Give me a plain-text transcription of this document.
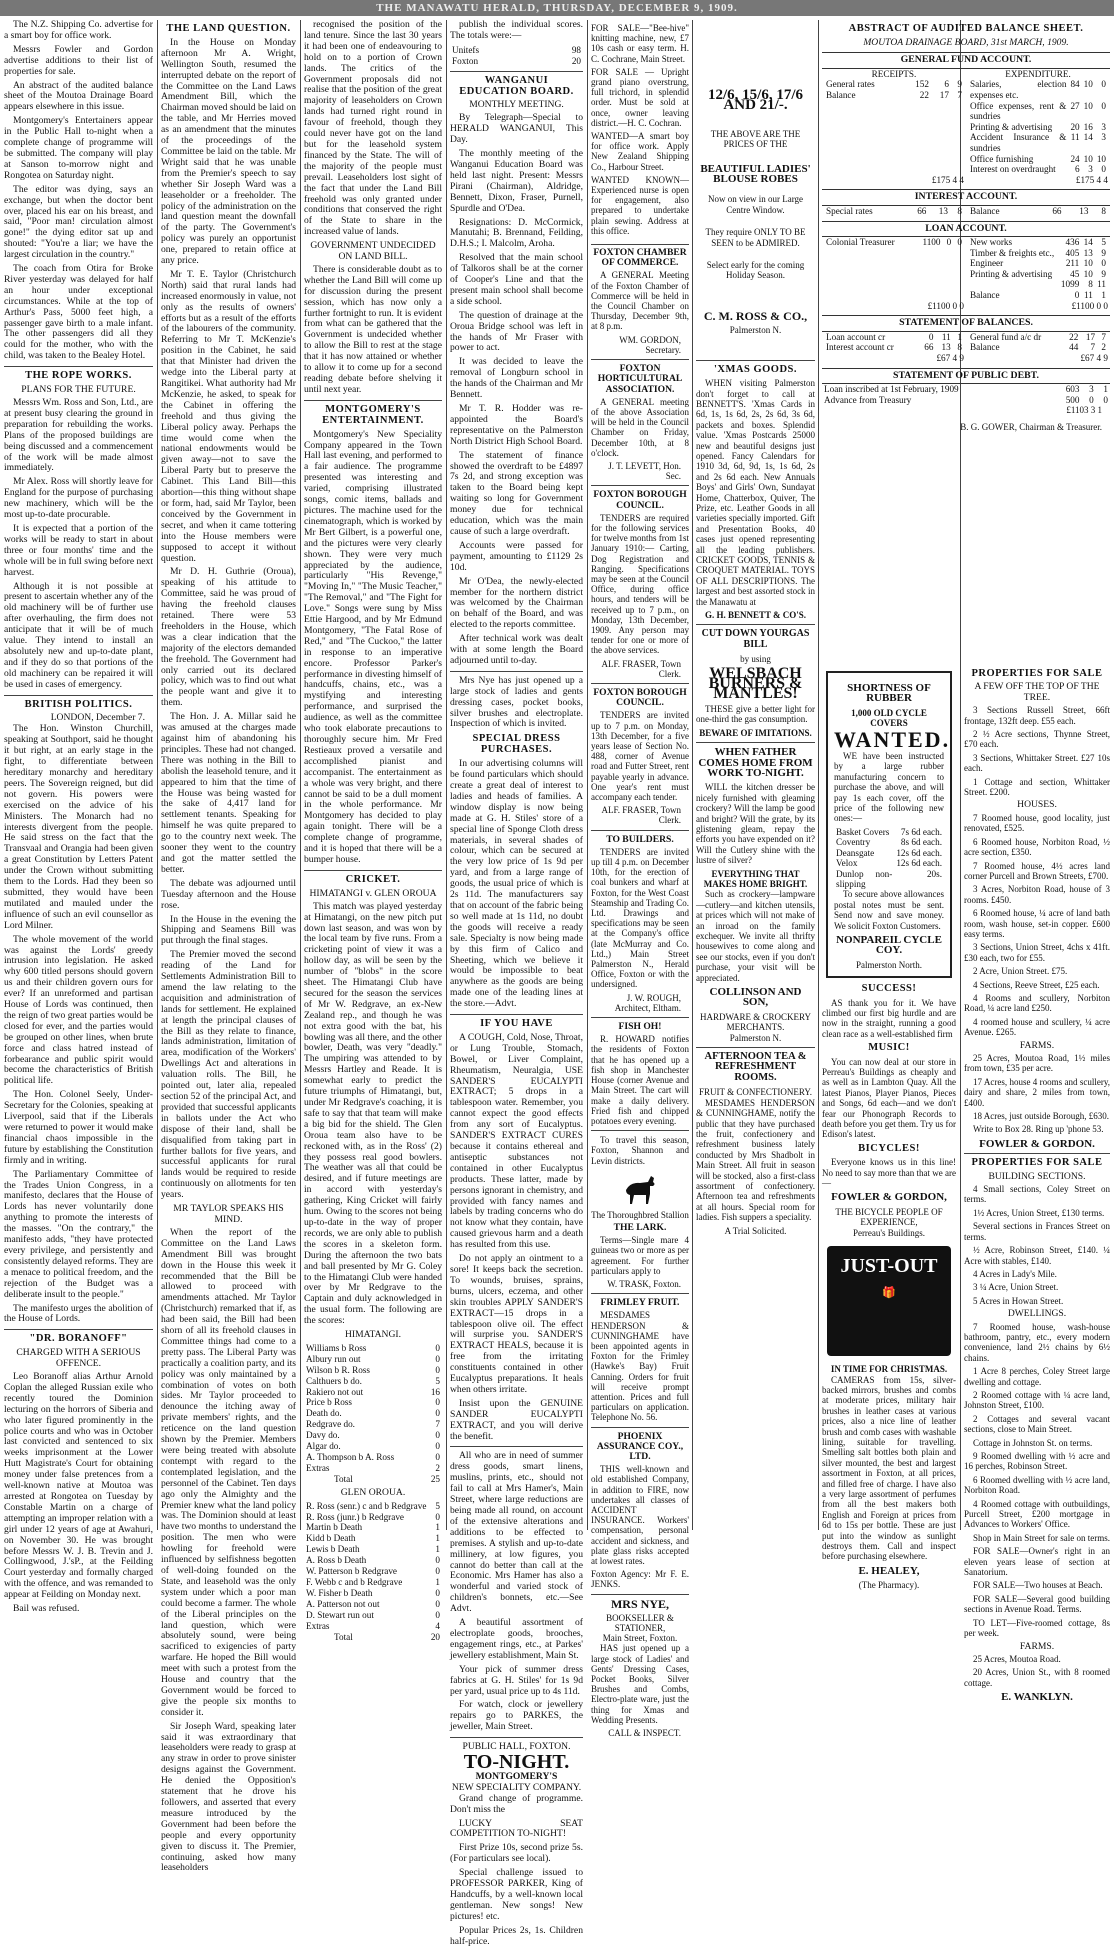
THE MANAWATU HERALD, THURSDAY, DECEMBER 9, 1909.

The N.Z. Shipping Co. advertise for a smart boy for office work.

Messrs Fowler and Gordon advertise additions to their list of properties for sale.

An abstract of the audited balance sheet of the Moutoa Drainage Board appears elsewhere in this issue.

Montgomery's Entertainers appear in the Public Hall to-night when a complete change of programme will be submitted. The company will play at Sanson to-morrow night and Rongotea on Saturday night.

The editor was dying, says an exchange, but when the doctor bent over, placed his ear on his breast, and said, "Poor man! circulation almost gone!" the dying editor sat up and shouted: "You're a liar; we have the largest circulation in the country."

The coach from Otira for Broke River yesterday was delayed for half an hour under exceptional circumstances. While at the top of Arthur's Pass, 5000 feet high, a passenger gave birth to a male infant. The other passengers did all they could for the mother, who with the child, was taken to the Bealey Hotel.

THE ROPE WORKS.
PLANS FOR THE FUTURE.

Messrs Wm. Ross and Son, Ltd., are at present busy clearing the ground in preparation for rebuilding the works. Plans of the proposed buildings are being discussed and a commencement of the work will be made almost immediately.

Mr Alex. Ross will shortly leave for England for the purpose of purchasing new machinery, which will be the most up-to-date procurable.

It is expected that a portion of the works will be ready to start in about three or four months' time and the whole will be in full swing before next harvest.

Although it is not possible at present to ascertain whether any of the old machinery will be of further use after overhauling, the firm does not anticipate that it will be of much value. They intend to install an absolutely new and up-to-date plant, and if they do so that portions of the old machinery can be repaired it will be used in cases of emergency.

BRITISH POLITICS.
LONDON, December 7.

The Hon. Winston Churchill, speaking at Southport, said he thought it but right, at an early stage in the fight, to differentiate between hereditary monarchy and hereditary peers. The Sovereign reigned, but did not govern. His powers were exercised on the advice of his Ministers. The Monarch had no interests divergent from the people. He said stress on the fact that the Transvaal and Orangia had been given a great Constitution by Letters Patent under the Crown without submitting them to the Lords. Had they been so submitted, they would have been mutilated and mauled under the influence of such an evil counsellor as Lord Milner.

The whole movement of the world was against the Lords' greedy intrusion into legislation. He asked why 600 titled persons should govern us and their children govern ours for ever? If an unreformed and partisan House of Lords was continued, then the reign of two great parties would be closed for ever, and the parties would be grouped on other lines, when brute force and class hatred instead of forbearance and public spirit would become the characteristics of British political life.

The Hon. Colonel Seely, Under-Secretary for the Colonies, speaking at Liverpool, said that if the Liberals were returned to power it would make financial chaos impossible in the future by establishing the Constitution firmly and in writing.

The Parliamentary Committee of the Trades Union Congress, in a manifesto, declares that the House of Lords has never voluntarily done anything to promote the interests of the masses. "On the contrary," the manifesto adds, "they have protected every privilege, and persistently and consistently delayed reforms. They are a menace to political freedom, and the rejection of the Budget was a deliberate insult to the people."

The manifesto urges the abolition of the House of Lords.

"DR. BORANOFF"
CHARGED WITH A SERIOUS OFFENCE.

Leo Boranoff alias Arthur Arnold Coplan the alleged Russian exile who recently toured the Dominion lecturing on the horrors of Siberia and who later figured prominently in the police courts and who was in October last convicted and sentenced to six weeks imprisonment at the Lower Hutt Magistrate's Court for obtaining money under false pretences from a well-known native at Moutoa was arrested at Rongotea on Tuesday by Constable Martin on a charge of attempting an improper relation with a girl under 12 years of age at Awahuri, on November 30. He was brought before Messrs W. J. B. Trevin and J. Collingwood, J.'sP., at the Feilding Court yesterday and formally charged with the offence, and was remanded to appear at Feilding on Monday next.

Bail was refused.

THE LAND QUESTION.

In the House on Monday afternoon Mr A. Wright, Wellington South, resumed the interrupted debate on the report of the Committee on the Land Laws Amendment Bill, which the Chairman moved should be laid on the table, and Mr Herries moved as an amendment that the minutes of the proceedings of the Committee be laid on the table. Mr Wright said that he was unable from the Premier's speech to say whether Sir Joseph Ward was a leaseholder or a freeholder. The policy of the administration on the land question meant the downfall of the party. The Government's policy was purely an opportunist one, prepared to retain office at any price.

Mr T. E. Taylor (Christchurch North) said that rural lands had increased enormously in value, not only as the results of owners' efforts but as a result of the efforts of the labourers of the community. Referring to Mr T. McKenzie's position in the Cabinet, he said that that Minister had driven the wedge into the Liberal party at Rangitikei. What authority had Mr McKenzie, he asked, to speak for the Cabinet in offering the freehold and thus giving the Liberal policy away. Perhaps the time would come when the national endowments would be given away—not to save the Liberal Party but to preserve the Cabinet. This Land Bill—this abortion—this thing without shape or form, had, said Mr Taylor, been conceived by the Government in secret, and when it came tottering into the House members were supposed to accept it without question.

Mr D. H. Guthrie (Oroua), speaking of his attitude to Committee, said he was proud of having the freehold clauses retained. There were 53 freeholders in the House, which was a clear indication that the majority of the electors demanded the freehold. The Government had only carried out its declared policy, which was to find out what the people want and give it to them.

The Hon. J. A. Millar said he was amused at the charges made against him of abandoning his principles. These had not changed. There was nothing in the Bill to abolish the leasehold tenure, and it appeared to him that the time of the House was being wasted for the sake of 4,417 land for settlement tenants. Speaking for himself he was quite prepared to go to the country next week. The sooner they went to the country and got the matter settled the better.

The debate was adjourned until Tuesday afternoon and the House rose.

In the House in the evening the Shipping and Seamens Bill was put through the final stages.

The Premier moved the second reading of the Land for Settlements Administration Bill to amend the law relating to the acquisition and administration of lands for settlement. He explained at length the principal clauses of the Bill as they relate to finance, lands administration, limitation of area, modification of the Workers' Dwellings Act and alterations in valuation rolls. The Bill, he pointed out, later alia, repealed section 52 of the principal Act, and provided that successful applicants in ballots under the Act who dispose of their land, shall be disqualified from taking part in further ballots for five years, and successful applicants for rural lands would be required to reside continuously on allotments for ten years.

MR TAYLOR SPEAKS HIS MIND.

When the report of the Committee on the Land Laws Amendment Bill was brought down in the House this week it recommended that the Bill be allowed to proceed with amendments attached. Mr Taylor (Christchurch) remarked that if, as had been said, the Bill had been shorn of all its freehold clauses in Committee things had come to a pretty pass. The Liberal Party was practically a coalition party, and its policy was only maintained by a combination of votes on both sides. Mr Taylor proceeded to denounce the itching away of private members' rights, and the reticence on the land question shown by the Premier. Members were being treated with absolute contempt with regard to the contemplated legislation, and the personnel of the Cabinet. Ten days ago only the Almighty and the Premier knew what the land policy was. The Dominion should at least have two months to understand the position. The men who were howling for freehold were influenced by selfishness begotten of well-doing founded on the State, and leasehold was the only system under which a poor man could become a farmer. The whole of the Liberal principles on the land question, which were absolutely sound, were being sacrificed to exigencies of party warfare. He hoped the Bill would meet with such a protest from the House and country that the Government would be forced to give the people six months to consider it.

Sir Joseph Ward, speaking later said it was extraordinary that leaseholders were ready to grasp at any straw in order to prove sinister designs against the Government. He denied the Opposition's statement that he drove his followers, and asserted that every measure introduced by the Government had been before the people and every opportunity given to discuss it. The Premier, continuing, asked how many leaseholders

recognised the position of the land tenure. Since the last 30 years it had been one of endeavouring to hold on to a portion of Crown lands. The critics of the Government proposals did not realise that the position of the great majority of leaseholders on Crown lands had turned right round in favour of freehold, though they could never have got on the land but for the leasehold system financed by the State. The will of the majority of the people must prevail. Leaseholders lost sight of the fact that under the Land Bill freehold was only granted under conditions that conserved the right of the State to share in the increased value of lands.

GOVERNMENT UNDECIDED ON LAND BILL.

There is considerable doubt as to whether the Land Bill will come up for discussion during the present session, which has now only a further fortnight to run. It is evident from what can be gathered that the Government is undecided whether to allow the Bill to rest at the stage that it has now attained or whether to allow it to come up for a second reading debate before shelving it until next year.

MONTGOMERY'S ENTERTAINMENT.

Montgomery's New Speciality Company appeared in the Town Hall last evening, and performed to a fair audience. The programme presented was interesting and varied, comprising illustrated songs, comic items, ballads and pictures. The machine used for the cinematograph, which is worked by Mr Bert Gilbert, is a powerful one, and the pictures were very clearly shown. They were very much appreciated by the audience, particularly "His Revenge," "Moving In," "The Music Teacher," "The Removal," and "The Fight for Love." Songs were sung by Miss Ettie Hargood, and by Mr Edmund Montgomery, "The Fatal Rose of Red," and "The Cuckoo," the latter in response to an imperative encore. Professor Parker's performance in divesting himself of handcuffs, chains, etc., was a mystifying and interesting performance, and surprised the audience, as well as the committee who took elaborate precautions to thoroughly secure him. Mr Fred Restieaux proved a versatile and accomplished pianist and accompanist. The entertainment as a whole was very bright, and there cannot be said to be a dull moment in the whole performance. Mr Montgomery has decided to play again tonight. There will be a complete change of programme, and it is hoped that there will be a bumper house.

CRICKET.
HIMATANGI v. GLEN OROUA

This match was played yesterday at Himatangi, on the new pitch put down last season, and was won by the local team by five runs. From a cricketing point of view it was a hollow day, as will be seen by the number of "blobs" in the score sheet. The Himatangi Club have secured for the season the services of Mr W. Redgrave, an ex-New Zealand rep., and though he was not extra good with the bat, his bowling was all there, and the other bowler, Death, was very "deadly." The umpiring was attended to by Messrs Hartley and Reade. It is somewhat early to predict the future triumphs of Himatangi, but, under Mr Redgrave's coaching, it is safe to say that that team will make a big bid for the shield. The Glen Oroua team also have to be reckoned with, as in the Ross' (2) they possess real good bowlers. The weather was all that could be desired, and if future meetings are in accord with yesterday's gathering, King Cricket will fairly hum. Owing to the scores not being up-to-date in the way of proper records, we are only able to publish the scores in a skeleton form. During the afternoon the two bats and ball presented by Mr G. Coley to the Himatangi Club were handed over by Mr Redgrave to the Captain and duly acknowledged in the usual form. The following are the scores:

HIMATANGI.
Williams b Ross	0
Albury run out	0
Wilson b R. Ross	0
Calthuers b do.	5
Rakiero not out	16
Price b Ross	0
Death do.	0
Redgrave do.	7
Davy do.	0
Algar do.	0
A. Thompson b A. Ross	0
Extras	2
Total	25
GLEN OROUA.
R. Ross (senr.) c and b Redgrave	5
R. Ross (junr.) b Redgrave	0
Martin b Death	1
Kidd b Death	1
Lewis b Death	1
A. Ross b Death	0
W. Patterson b Redgrave	0
F. Webb c and b Redgrave	1
W. Fisher b Death	0
A. Patterson not out	0
D. Stewart run out	0
Extras	4
Total	20

publish the individual scores. The totals were:—

Unitefs	98
Foxton	20
WANGANUI EDUCATION BOARD.
MONTHLY MEETING.

By Telegraph—Special to HERALD WANGANUI, This Day.

The monthly meeting of the Wanganui Education Board was held last night. Present: Messrs Pirani (Chairman), Aldridge, Bennett, Dixon, Fraser, Purnell, Spurdle and O'Dea.

Resignations: D. McCormick, Manutahi; B. Brennand, Feilding, D.H.S.; I. Malcolm, Aroha.

Resolved that the main school of Talkoros shall be at the corner of Cooper's Line and that the present main school shall become a side school.

The question of drainage at the Oroua Bridge school was left in the hands of Mr Fraser with power to act.

It was decided to leave the removal of Longburn school in the hands of the Chairman and Mr Bennett.

Mr T. R. Hodder was re-appointed the Board's representative on the Palmerston North District High School Board.

The statement of finance showed the overdraft to be £4897 7s 2d, and strong exception was taken to the Board being kept waiting so long for Government money due for technical education, which was the main cause of such a large overdraft.

Accounts were passed for payment, amounting to £1129 2s 10d.

Mr O'Dea, the newly-elected member for the northern district was welcomed by the Chairman on behalf of the Board, and was elected to the reports committee.

After technical work was dealt with at some length the Board adjourned until to-day.

Mrs Nye has just opened up a large stock of ladies and gents dressing cases, pocket books, silver brushes and electroplate. Inspection of which is invited.

SPECIAL DRESS PURCHASES.

In our advertising columns will be found particulars which should create a great deal of interest to ladies and heads of families. A window display is now being made at G. H. Stiles' store of a special line of Sponge Cloth dress materials, in several shades of colour, which can be secured at the very low price of 1s 9d per yard, and from a large range of goods, the usual price of which is 2s 11d. The manufacturers say that on account of the fabric being so well made at 1s 11d, no doubt the goods will receive a ready sale. Specialty is now being made by this firm of Calico and Sheeting, which we believe it would be impossible to beat anywhere as the goods are being made one of the leading lines at the store.—Advt.

IF YOU HAVE

A COUGH, Cold, Nose, Throat, or Lung Trouble, Stomach, Bowel, or Liver Complaint, Rheumatism, Neuralgia, USE SANDER'S EUCALYPTI EXTRACT; 5 drops in a tablespoon water. Remember, you cannot expect the good effects from any sort of Eucalyptus. SANDER'S EXTRACT CURES because it contains ethereal and antiseptic substances not contained in other Eucalyptus products. These latter, made by persons ignorant in chemistry, and provided with fancy names and labels by trading concerns who do not know what they contain, have caused grievous harm and a death has resulted from this use.

Do not apply an ointment to a sore! It keeps back the secretion. To wounds, bruises, sprains, burns, ulcers, eczema, and other skin troubles APPLY SANDER'S EXTRACT—15 drops in a tablespoon olive oil. The effect will surprise you. SANDER'S EXTRACT HEALS, because it is free from the irritating constituents contained in other Eucalyptus preparations. It heals when others irritate.

Insist upon the GENUINE SANDER EUCALYPTI EXTRACT, and you will derive the benefit.

All who are in need of summer dress goods, smart linens, muslins, prints, etc., should not fail to call at Mrs Hamer's, Main Street, where large reductions are being made all round, on account of the extensive alterations and additions to be effected to premises. A stylish and up-to-date millinery, at low figures, you cannot do better than call at the Economic. Mrs Hamer has also a wonderful and varied stock of children's bonnets, etc.—See Advt.

A beautiful assortment of electroplate goods, brooches, engagement rings, etc., at Parkes' jewellery establishment, Main St.

Your pick of summer dress fabrics at G. H. Stiles' for 1s 9d per yard, usual price up to 4s 11d.

For watch, clock or jewellery repairs go to PARKES, the jeweller, Main Street.

PUBLIC HALL, FOXTON.
TO-NIGHT.
MONTGOMERY'S
NEW SPECIALITY COMPANY.

Grand change of programme. Don't miss the

LUCKY SEAT COMPETITION TO-NIGHT!

First Prize 10s, second prize 5s. (For particulars see local).

Special challenge issued to PROFESSOR PARKER, King of Handcuffs, by a well-known local gentleman. New songs! New pictures! etc.

Popular Prices 2s, 1s. Children half-price.

FOR SALE—"Bee-hive" knitting machine, new, £7 10s cash or easy term. H. C. Cochrane, Main Street.

FOR SALE — Upright grand piano overstrung, full trichord, in splendid order. Must be sold at once, owner leaving district.—H. C. Cochran.

WANTED—A smart boy for office work. Apply New Zealand Shipping Co., Harbour Street.

WANTED KNOWN—Experienced nurse is open for engagement, also prepared to undertake plain sewing. Address at this office.

FOXTON CHAMBER OF COMMERCE.

A GENERAL Meeting of the Foxton Chamber of Commerce will be held in the Council Chamber on Thursday, December 9th, at 8 p.m.

WM. GORDON, Secretary.
FOXTON HORTICULTURAL ASSOCIATION.

A GENERAL meeting of the above Association will be held in the Council Chamber on Friday, December 10th, at 8 o'clock.

J. T. LEVETT, Hon. Sec.
FOXTON BOROUGH COUNCIL.

TENDERS are required for the following services for twelve months from 1st January 1910:— Carting, Dog Registration and Ranging. Specifications may be seen at the Council Office, during office hours, and tenders will be received up to 7 p.m., on Monday, 13th December, 1909. Any person may tender for one or more of the above services.

ALF. FRASER, Town Clerk.
FOXTON BOROUGH COUNCIL.

TENDERS are invited up to 7 p.m. on Monday, 13th December, for a five years lease of Section No. 488, corner of Avenue road and Futter Street, rent payable yearly in advance. One year's rent must accompany each tender.

ALF. FRASER, Town Clerk.
TO BUILDERS.

TENDERS are invited up till 4 p.m. on December 10th, for the erection of coal bunkers and wharf at Foxton, for the West Coast Steamship and Trading Co. Ltd. Drawings and specifications may be seen at the Company's office (late McMurray and Co. Ltd.,) Main Street Palmerston N., Herald Office, Foxton or with the undersigned.

J. W. ROUGH, Architect, Eltham.
FISH OH!

R. HOWARD notifies the residents of Foxton that he has opened up a fish shop in Manchester House (corner Avenue and Main Street. The cart will make a daily delivery. Fried fish and chipped potatoes every evening.

To travel this season, Foxton, Shannon and Levin districts.

The Thoroughbred Stallion
THE LARK.

Terms—Single mare 4 guineas two or more as per agreement. For further particulars apply to

W. TRASK, Foxton.
FRIMLEY FRUIT.

MESDAMES HENDERSON & CUNNINGHAME have been appointed agents in Foxton for the Frimley (Hawke's Bay) Fruit Canning. Orders for fruit will receive prompt attention. Prices and full particulars on application. Telephone No. 56.

PHOENIX ASSURANCE COY., LTD.

THIS well-known and old established Company, in addition to FIRE, now undertakes all classes of ACCIDENT INSURANCE. Workers' compensation, personal accident and sickness, and plate glass risks accepted at lowest rates.

Foxton Agency: Mr F. E. JENKS.
MRS NYE,
BOOKSELLER & STATIONER,
Main Street, Foxton.

HAS just opened up a large stock of Ladies' and Gents' Dressing Cases, Pocket Books, Silver Brushes and Combs, Electro-plate ware, just the thing for Xmas and Wedding Presents.

CALL & INSPECT.
12/6, 15/6, 17/6 AND 21/-.
THE ABOVE ARE THE PRICES OF THE
BEAUTIFUL LADIES' BLOUSE ROBES
Now on view in our Large Centre Window.
They require ONLY TO BE SEEN to be ADMIRED.
Select early for the coming Holiday Season.
C. M. ROSS & CO.,
Palmerston N.
'XMAS GOODS.

WHEN visiting Palmerston don't forget to call at BENNETT'S. 'Xmas Cards in 6d, 1s, 1s 6d, 2s, 2s 6d, 3s 6d, packets and boxes. Splendid value. 'Xmas Postcards 25000 new and beautiful designs just opened. Fancy Calendars for 1910 3d, 6d, 9d, 1s, 1s 6d, 2s and 2s 6d each. New Annuals Boys' and Girls' Own, Sundayat Home, Chatterbox, Quiver, The Prize, etc. Leather Goods in all varieties specially imported. Gift and Presentation Books, 40 cases just opened representing all the leading publishers. CRICKET GOODS, TENNIS & CROQUET MATERIAL. TOYS OF ALL DESCRIPTIONS. The largest and best assorted stock in the Manawatu at

G. H. BENNETT & CO'S.
CUT DOWN YOURGAS BILL
by using
WELSBACH BURNERS & MANTLES!

THESE give a better light for one-third the gas consumption.

BEWARE OF IMITATIONS.
WHEN FATHER COMES HOME FROM WORK TO-NIGHT.

WILL the kitchen dresser be nicely furnished with gleaming crockery? Will the lamp be good and bright? Will the grate, by its glistening gleam, repay the efforts you have expended on it? Will the Cutlery shine with the lustre of silver?

EVERYTHING THAT MAKES HOME BRIGHT.

Such as crockery—lampware—cutlery—and kitchen utensils, at prices which will not make of an inroad on the family exchequer. We invite all thrifty housewives to come along and see our stocks, even if you don't purchase, your visit will be appreciated.

COLLINSON AND SON,
HARDWARE & CROCKERY MERCHANTS.
Palmerston N.
AFTERNOON TEA & REFRESHMENT ROOMS.
FRUIT & CONFECTIONERY.

MESDAMES HENDERSON & CUNNINGHAME, notify the public that they have purchased the fruit, confectionery and refreshment business lately conducted by Mrs Shadbolt in Main Street. All fruit in season will be stocked, also a first-class assortment of confectionery. Afternoon tea and refreshments at all hours. Special room for ladies. Fish suppers a speciality.

A Trial Solicited.
ABSTRACT OF AUDITED BALANCE SHEET.
MOUTOA DRAINAGE BOARD, 31st MARCH, 1909.
GENERAL FUND ACCOUNT.
RECEIPTS.	EXPENDITURE.

General rates	152	6	9
Balance	22	17	7

Salaries, election expenses etc.	84	10	0
Office expenses, rent & sundries	27	10	0
Printing & advertising	20	16	3
Accident Insurance & sundries	11	14	3
Office furnishing	24	10	10
Interest on overdraught	6	3	0

£175 4 4	£175 4 4
INTEREST ACCOUNT.
Special rates	66	13	8
	Balance	66	13	8
LOAN ACCOUNT.
Colonial Treasurer	1100	0	0
	New works	436	14	5
Timber & freights etc.,	405	13	9
Engineer	211	10	0
Printing & advertising	45	10	9
	1099	8	11
Balance	0	11	1

£1100 0 0	£1100 0 0
STATEMENT OF BALANCES.
Loan account cr	0	11	1
Interest account cr	66	13	8

General fund a/c dr	22	17	7
Balance	44	7	2

£67 4 9	£67 4 9
STATEMENT OF PUBLIC DEBT.
Loan inscribed at 1st February, 1909	603	3	1
Advance from Treasury	500	0	0
£1103 3 1
B. G. GOWER, Chairman & Treasurer.
SHORTNESS OF RUBBER
1,000 OLD CYCLE COVERS
WANTED.

WE have been instructed by a large rubber manufacturing concern to purchase the above, and will pay 1s each cover, off the price of the following new ones:—

Basket Covers	7s 6d each.
Coventry	8s 6d each.
Deansgate	12s 6d each.
Velox	12s 6d each.
Dunlop non-slipping	20s.

To secure above allowances postal notes must be sent. Send now and save money. We solicit Foxton Customers.

NONPAREIL CYCLE COY.
Palmerston North.
SUCCESS!

AS thank you for it. We have climbed our first big hurdle and are now in the straight, running a good clean race as a well-established firm

MUSIC!

You can now deal at our store in Perreau's Buildings as cheaply and as well as in Lambton Quay. All the latest Pianos, Player Pianos, Pieces and Songs, 6d each—and we don't fear our Phonograph Records to death before you get them. Try us for Edison's latest.

BICYCLES!

Everyone knows us in this line! No need to say more than that we are—

FOWLER & GORDON,
THE BICYCLE PEOPLE OF EXPERIENCE,
Perreau's Buildings.
JUST-OUT
🎁
IN TIME FOR CHRISTMAS.

CAMERAS from 15s, silver-backed mirrors, brushes and combs at moderate prices, military hair brushes in leather cases at various prices, also a nice line of leather brush and comb cases with washable lining, suitable for travelling. Smelling salt bottles both plain and silver mounted, the best and largest assortment in Foxton, at all prices, and filled free of charge. I have also a very large assortment of perfumes from all the best makers both English and Foreign at prices from 6d to 15s per bottle. These are just put into the window as sunlight destroys them. Call and inspect before purchasing elsewhere.

E. HEALEY,
(The Pharmacy).
PROPERTIES FOR SALE
A FEW OFF THE TOP OF THE TREE.

3 Sections Russell Street, 66ft frontage, 132ft deep. £55 each.

2 ½ Acre sections, Thynne Street, £70 each.

3 Sections, Whittaker Street. £27 10s each.

1 Cottage and section, Whittaker Street. £200.

HOUSES.

7 Roomed house, good locality, just renovated, £525.

6 Roomed house, Norbiton Road, ½ acre section, £350.

7 Roomed house, 4½ acres land corner Purcell and Brown Streets, £700.

3 Acres, Norbiton Road, house of 3 rooms. £450.

6 Roomed house, ¼ acre of land bath room, wash house, set-in copper. £600 easy terms.

3 Sections, Union Street, 4chs x 41ft. £30 each, two for £55.

2 Acre, Union Street. £75.

4 Sections, Reeve Street, £25 each.

4 Rooms and scullery, Norbiton Road, ¼ acre land £250.

4 roomed house and scullery, ¼ acre Avenue. £265.

FARMS.

25 Acres, Moutoa Road, 1½ miles from town, £35 per acre.

17 Acres, house 4 rooms and scullery, dairy and share, 2 miles from town, £400.

18 Acres, just outside Borough, £630.

Write to Box 28. Ring up 'phone 53.

FOWLER & GORDON.
PROPERTIES FOR SALE
BUILDING SECTIONS.

4 Small sections, Coley Street on terms.

1½ Acres, Union Street, £130 terms.

Several sections in Frances Street on terms.

½ Acre, Robinson Street, £140. ¼ Acre with stables, £140.

4 Acres in Lady's Mile.

3 ¼ Acre, Union Street.

5 Acres in Howan Street.

DWELLINGS.

7 Roomed house, wash-house bathroom, pantry, etc., every modern convenience, land 2½ chains by 6½ chains.

1 Acre 8 perches, Coley Street large dwelling and cottage.

2 Roomed cottage with ¼ acre land, Johnston Street, £100.

2 Cottages and several vacant sections, close to Main Street.

Cottage in Johnston St. on terms.

9 Roomed dwelling with ½ acre and 16 perches, Robinson Street.

6 Roomed dwelling with ½ acre land, Norbiton Road.

4 Roomed cottage with outbuildings, Purcell Street, £200 mortgage in Advances to Workers' Office.

Shop in Main Street for sale on terms.

FOR SALE—Owner's right in an eleven years lease of section at Sanatorium.

FOR SALE—Two houses at Beach.

FOR SALE—Several good building sections in Avenue Road. Terms.

TO LET—Five-roomed cottage, 8s per week.

FARMS.

25 Acres, Moutoa Road.

20 Acres, Union St., with 8 roomed cottage.

E. WANKLYN.
